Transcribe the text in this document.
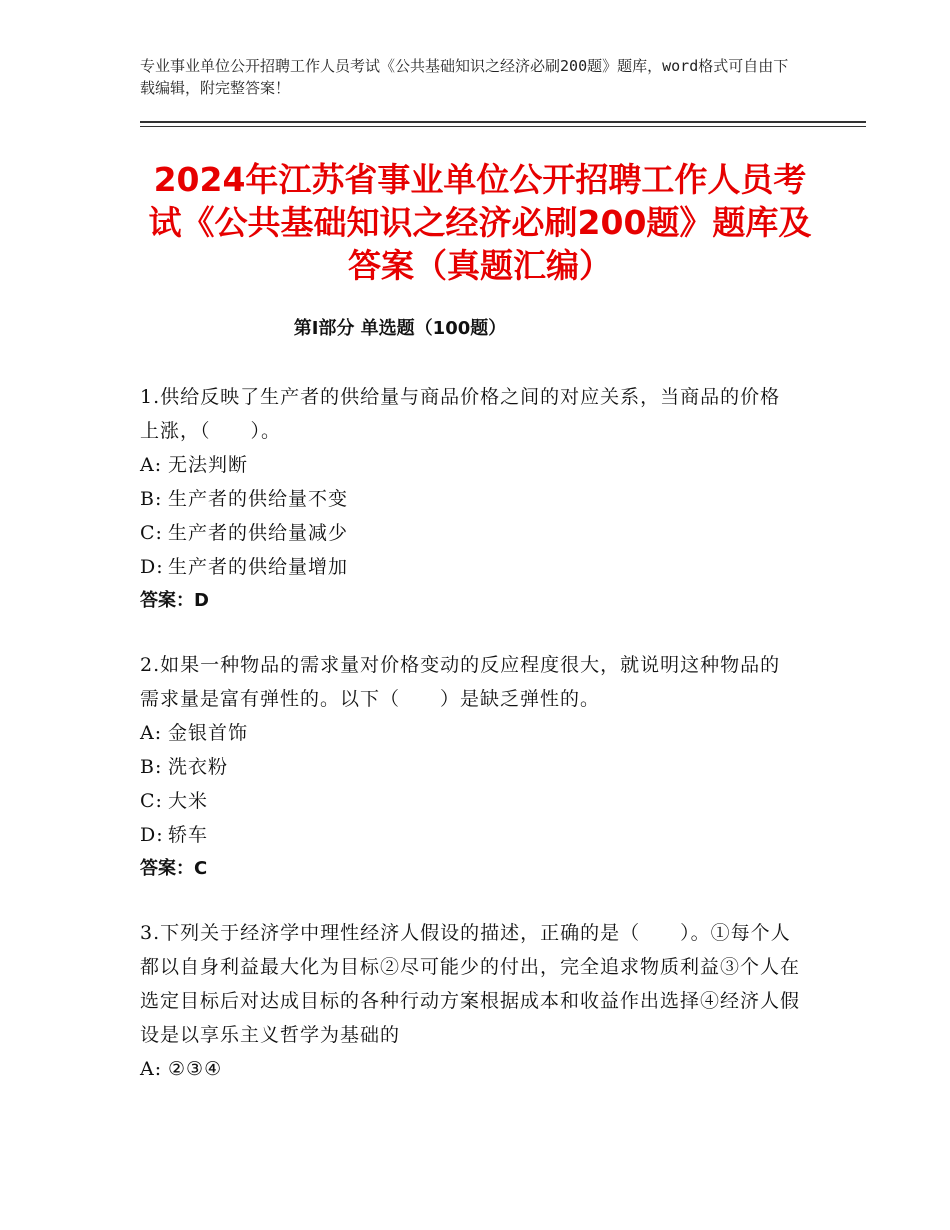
专业事业单位公开招聘工作人员考试《公共基础知识之经济必刷200题》题库，word格式可自由下载编辑，附完整答案！
2024年江苏省事业单位公开招聘工作人员考试《公共基础知识之经济必刷200题》题库及答案（真题汇编）
第Ⅰ部分 单选题（100题）

1.供给反映了生产者的供给量与商品价格之间的对应关系，当商品的价格上涨，（　　）。

A: 无法判断

B: 生产者的供给量不变

C: 生产者的供给量减少

D: 生产者的供给量增加

答案：D

2.如果一种物品的需求量对价格变动的反应程度很大，就说明这种物品的需求量是富有弹性的。以下（　　）是缺乏弹性的。

A: 金银首饰

B: 洗衣粉

C: 大米

D: 轿车

答案：C

3.下列关于经济学中理性经济人假设的描述，正确的是（　　）。①每个人都以自身利益最大化为目标②尽可能少的付出，完全追求物质利益③个人在选定目标后对达成目标的各种行动方案根据成本和收益作出选择④经济人假设是以享乐主义哲学为基础的

A: ②③④
